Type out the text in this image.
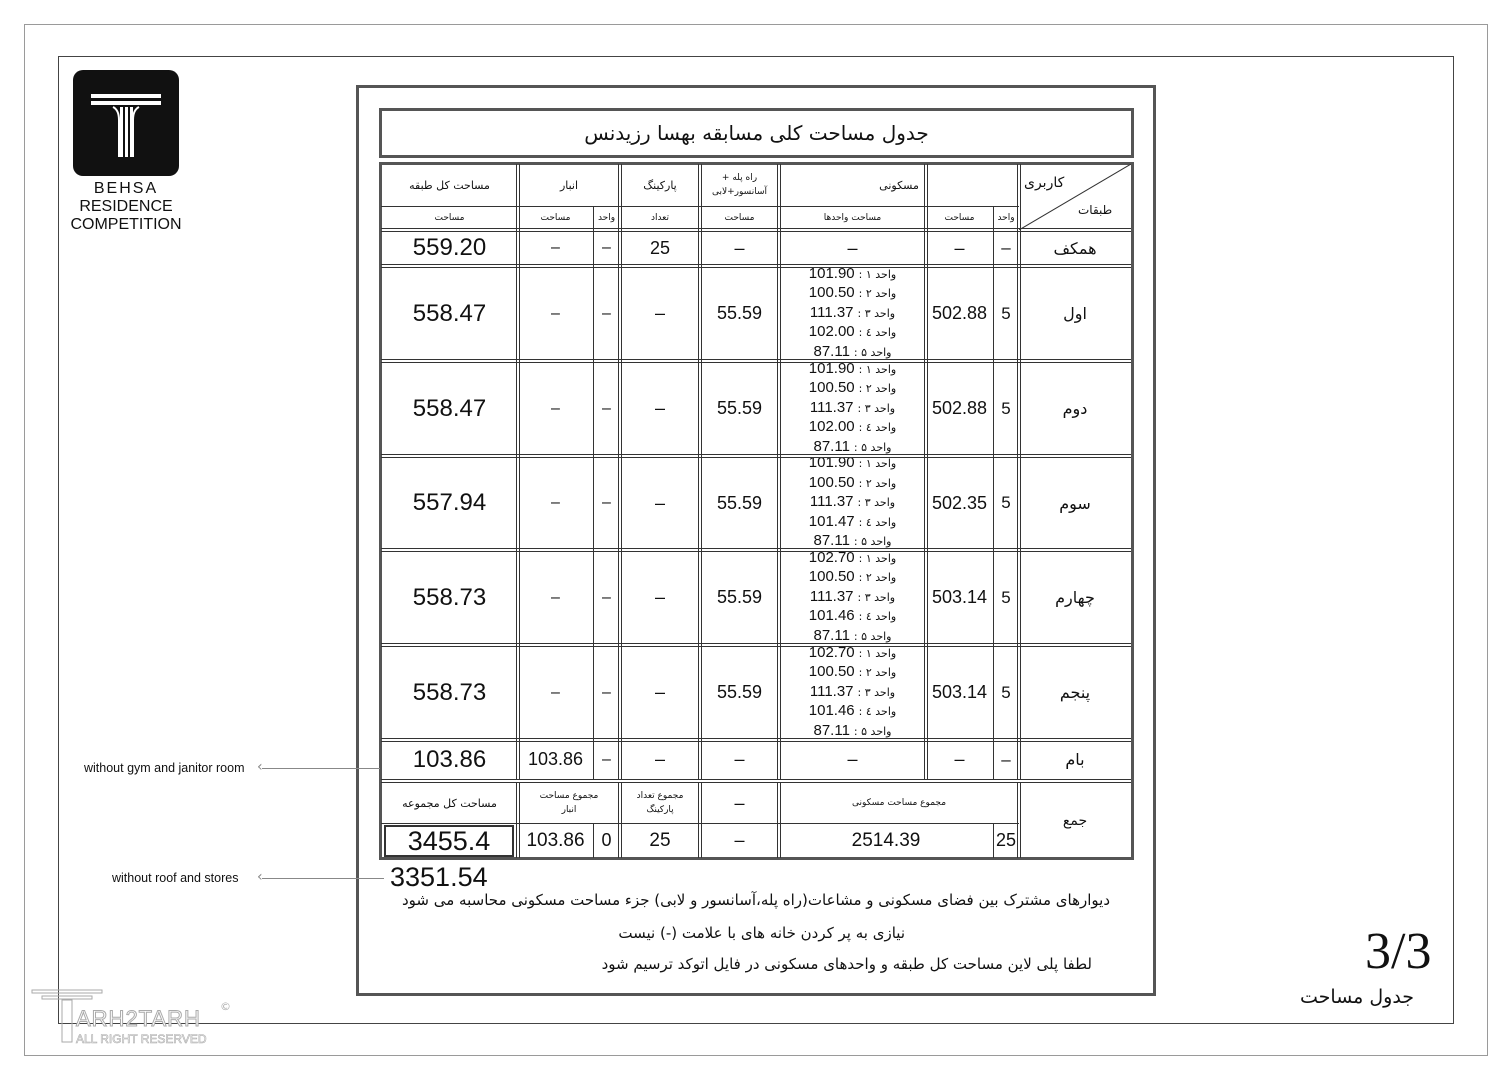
BEHSA
RESIDENCE
COMPETITION
جدول مساحت کلی مسابقه بهسا رزیدنس
کاربری
طبقات
مسکونی
واحد
مساحت
مساحت واحدها
راه پله + آسانسور+لابی
مساحت
پارکینگ
تعداد
انبار
واحد
مساحت
مساحت کل طبقه
مساحت
همکف
–
–
–
–
25
–
–
559.20
اول
5
502.88
101.90 واحد ۱ :
100.50 واحد ۲ :
111.37 واحد ۳ :
102.00 واحد ٤ :
87.11 واحد ۵ :
55.59
–
–
–
558.47
دوم
5
502.88
101.90 واحد ۱ :
100.50 واحد ۲ :
111.37 واحد ۳ :
102.00 واحد ٤ :
87.11 واحد ۵ :
55.59
–
–
–
558.47
سوم
5
502.35
101.90 واحد ۱ :
100.50 واحد ۲ :
111.37 واحد ۳ :
101.47 واحد ٤ :
87.11 واحد ۵ :
55.59
–
–
–
557.94
چهارم
5
503.14
102.70 واحد ۱ :
100.50 واحد ۲ :
111.37 واحد ۳ :
101.46 واحد ٤ :
87.11 واحد ۵ :
55.59
–
–
–
558.73
پنجم
5
503.14
102.70 واحد ۱ :
100.50 واحد ۲ :
111.37 واحد ۳ :
101.46 واحد ٤ :
87.11 واحد ۵ :
55.59
–
–
–
558.73
بام
–
–
–
–
–
–
103.86
103.86
جمع
مجموع مساحت مسکونی
–
مجموع تعداد پارکینگ
مجموع مساحت انبار
مساحت کل مجموعه
25
2514.39
–
25
0
103.86
3455.4
without gym and janitor room ‹
without roof and stores ‹	3351.54
دیوارهای مشترک بین فضای مسکونی و مشاعات(راه پله،آسانسور و لابی) جزء مساحت مسکونی محاسبه می شود
نیازی به پر کردن خانه های با علامت (-) نیست
لطفا پلی لاین مساحت کل طبقه و واحدهای مسکونی در فایل اتوکد ترسیم شود	3/3
جدول مساحت
ARH2TARH
ALL RIGHT RESERVED
©
